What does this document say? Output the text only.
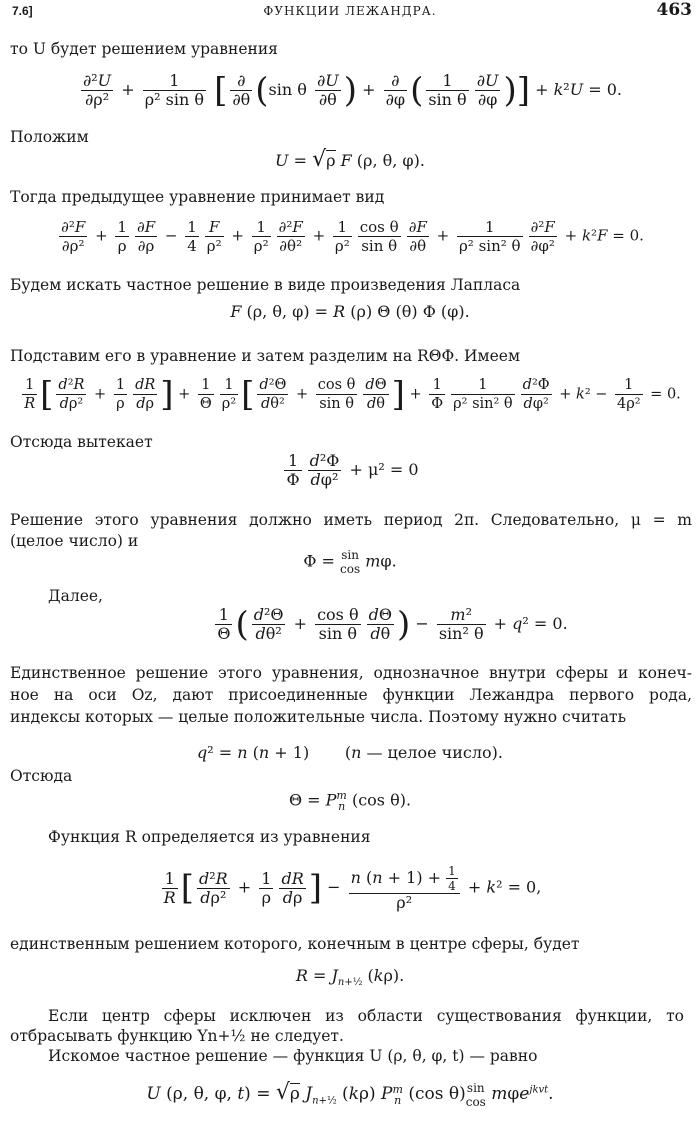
7.6]	ФУНКЦИИ ЛЕЖАНДРА.	463
то U будет решением уравнения
$\frac{\text{∂²U}}{\text{∂ρ²}} + \frac{1}{\text{ρ² sin θ}}$ [ $\frac{\partial}{\partial\theta} (\sin$ θ $\frac{\partial U}{\partial\theta}$ ) + $\frac{\partial}{\partial\varphi}$ ( $\frac{1}{\text{sin θ}} \frac{\partial U}{\partial\varphi}$ )] + k²U = 0.
Положим
U = √ρ F (ρ, θ, φ).
Тогда предыдущее уравнение принимает вид
$\frac{\text{∂²F}}{\text{∂ρ²}} + \frac{1}{\rho} \frac{\partial F}{\partial\rho} - \frac{1}{4} \frac{F}{\text{ρ²}} + \frac{1}{\text{ρ²}} \frac{\text{∂²F}}{\text{∂θ²}} + \frac{1}{\text{ρ²}} \frac{\text{cos θ}}{\text{sin θ}} \frac{\partial F}{\partial\theta} + \frac{1}{\text{ρ² sin² θ}} \frac{\text{∂²F}}{\text{∂φ²}} + k^2F = 0$.
Будем искать частное решение в виде произведения Лапласа
F (ρ, θ, φ) = R (ρ) Θ (θ) Φ (φ).
Подставим его в уравнение и затем разделим на RΘΦ. Имеем
$\frac{1}{R}$ [ $\frac{\text{d²R}}{\text{dρ²}} + \frac{1}{\rho} \frac{dR}{d\rho}$ ] + $\frac{1}{\Theta} \frac{1}{\text{ρ²}}$ [ $\frac{\text{d²Θ}}{\text{dθ²}} + \frac{\text{cos θ}}{\text{sin θ}} \frac{d\Theta}{d\theta}$ ] + $\frac{1}{\Phi} \frac{1}{\text{ρ² sin² θ}} \frac{\text{d²Φ}}{\text{dφ²}} + k^2 - \frac{1}{\text{4ρ²}} = 0$.
Отсюда вытекает
$\frac{1}{\Phi} \frac{\text{d²Φ}}{\text{dφ²}} + \mu^2 = 0$
Решение этого уравнения должно иметь период 2π. Следовательно, μ = m
(целое число) и
Φ = sin
cos mφ.
Далее,
$\frac{1}{\Theta}$ ( $\frac{\text{d²Θ}}{\text{dθ²}} + \frac{\text{cos θ}}{\text{sin θ}} \frac{d\Theta}{d\theta}$ ) − $\frac{\text{m²}}{\text{sin² θ}} + q^2 = 0$.
Единственное решение этого уравнения, однозначное внутри сферы и конеч-
ное на оси Oz, дают присоединенные функции Лежандра первого рода,
индексы которых — целые положительные числа. Поэтому нужно считать
q² = n (n + 1)       (n — целое число).
Отсюда
Θ = Pm
n (cos θ).
Функция R определяется из уравнения
$\frac{1}{R}$ [ $\frac{\text{d²R}}{\text{dρ²}} + \frac{1}{\rho} \frac{dR}{d\rho}$ ] − $\frac{n (n + 1) + \frac{1}{4}}{\text{ρ²}} + k^2 = 0$,
единственным решением которого, конечным в центре сферы, будет
$R = J_{n+\frac{1}{2}}$ (kρ).
Если центр сферы исключен из области существования функции, то
отбрасывать функцию Yn+½ не следует.
Искомое частное решение — функция U (ρ, θ, φ, t) — равно
U (ρ, θ, φ, t) = √ρ $J_{n+\frac{1}{2}}$ (kρ) Pm
n (cos θ)sin
cos mφe$^{jkvt}$.
